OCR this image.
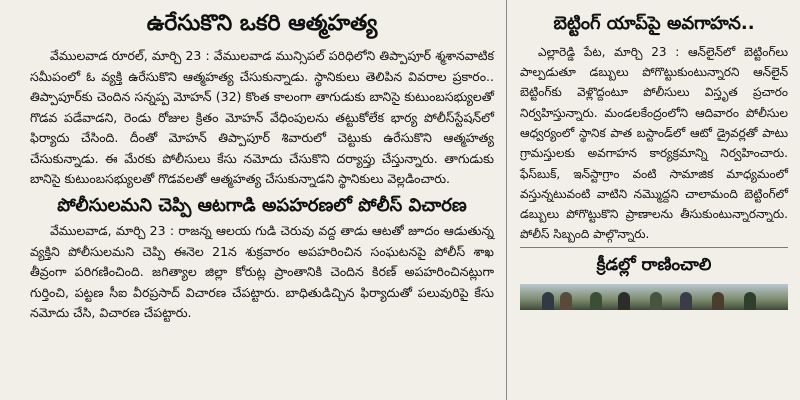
ఉరేసుకొని ఒకరి ఆత్మహత్య

వేములవాడ రూరల్, మార్చి 23 : వేములవాడ మున్సిపల్ పరిధిలోని తిప్పాపూర్ శ్మశానవాటిక సమీపంలో ఓ వ్యక్తి ఉరేసుకొని ఆత్మహత్య చేసుకున్నాడు. స్థానికులు తెలిపిన వివరాల ప్రకారం.. తిప్పాపూర్‌కు చెందిన సన్నప్ప మోహన్ (32) కొంత కాలంగా తాగుడుకు బానిసై కుటుంబసభ్యులతో గొడవ పడేవాడని, రెండు రోజుల క్రితం మోహన్ వేధింపులను తట్టుకోలేక భార్య పోలీస్‌స్టేషన్‌లో ఫిర్యాదు చేసింది. దీంతో మోహన్ తిప్పాపూర్ శివారులో చెట్టుకు ఉరేసుకొని ఆత్మహత్య చేసుకున్నాడు. ఈ మేరకు పోలీసులు కేసు నమోదు చేసుకొని దర్యాప్తు చేస్తున్నారు. తాగుడుకు బానిసై కుటుంబసభ్యులతో గొడవలతో ఆత్మహత్య చేసుకున్నాడని స్థానికులు వెల్లడించారు.

పోలీసులమని చెప్పి ఆటగాడి అపహరణలో పోలీస్ విచారణ

వేములవాడ, మార్చి 23 : రాజన్న ఆలయ గుడి చెరువు వద్ద తాడు ఆటతో జూదం ఆడుతున్న వ్యక్తిని పోలీసులమని చెప్పి ఈనెల 21న శుక్రవారం అపహరించిన సంఘటనపై పోలీస్ శాఖ తీవ్రంగా పరిగణించింది. జగిత్యాల జిల్లా కోరుట్ల ప్రాంతానికి చెందిన కిరణ్ అపహరించినట్లుగా గుర్తించి, పట్టణ సీఐ వీరప్రసాద్ విచారణ చేపట్టారు. బాధితుడిచ్చిన ఫిర్యాదుతో పలువురిపై కేసు నమోదు చేసి, విచారణ చేపట్టారు.

బెట్టింగ్ యాప్‌పై అవగాహన..

ఎల్లారెడ్డి పేట, మార్చి 23 : ఆన్‌లైన్‌లో బెట్టింగ్‌లు పాల్పడుతూ డబ్బులు పోగొట్టుకుంటున్నారని ఆన్‌లైన్ బెట్టింగ్‌కు వెళ్లొద్దంటూ పోలీసులు విస్తృత ప్రచారం నిర్వహిస్తున్నారు. మండలకేంద్రంలోని ఆదివారం పోలీసుల ఆధ్వర్యంలో స్థానిక పాత బస్టాండ్‌లో ఆటో డ్రైవర్లతో పాటు గ్రామస్తులకు అవగాహన కార్యక్రమాన్ని నిర్వహించారు. ఫేస్‌బుక్, ఇన్‌స్టాగ్రాం వంటి సామాజిక మాధ్యమంలో వస్తున్నటువంటి వాటిని నమ్మొద్దని చాలామంది బెట్టింగ్‌లో డబ్బులు పోగొట్టుకొని ప్రాణాలను తీసుకుంటున్నారన్నారు. పోలీస్ సిబ్బంది పాల్గొన్నారు.

క్రీడల్లో రాణించాలి
